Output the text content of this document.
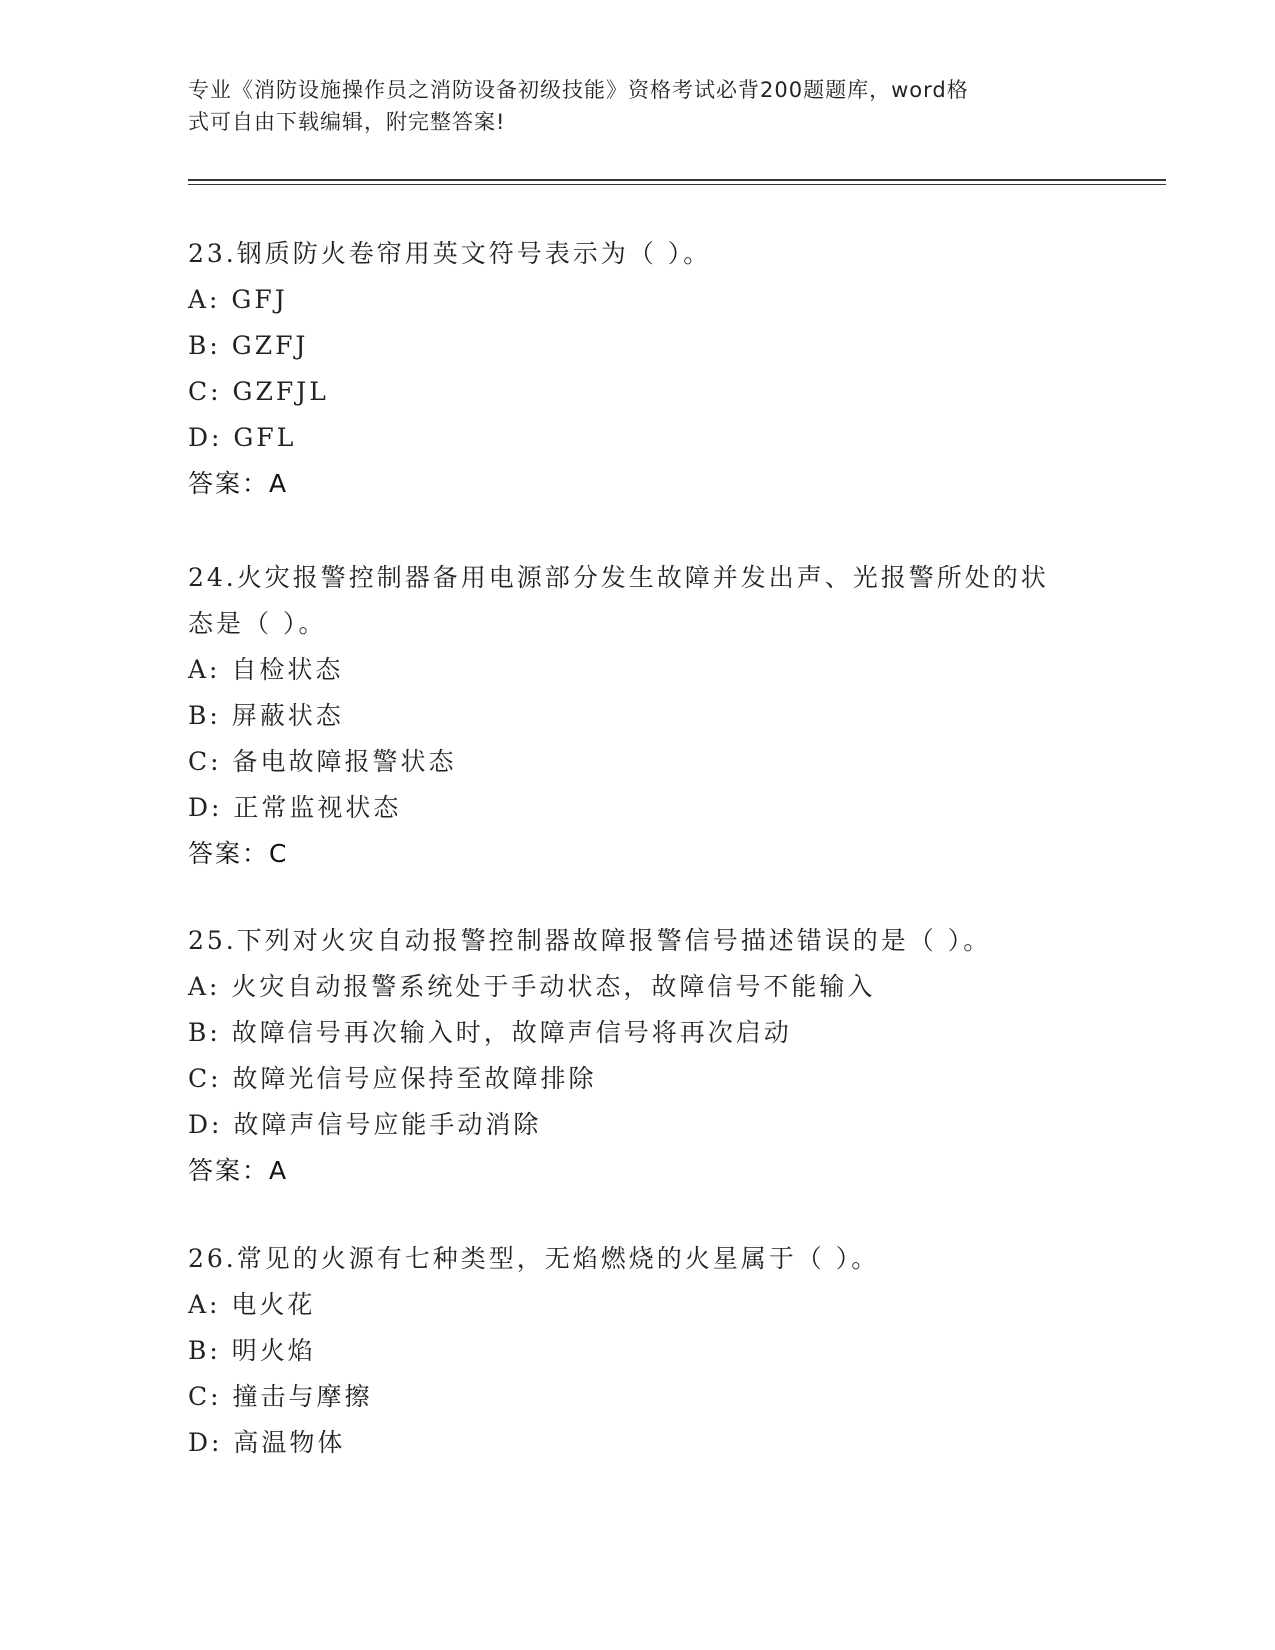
专业《消防设施操作员之消防设备初级技能》资格考试必背200题题库，word格
式可自由下载编辑，附完整答案!
23.钢质防火卷帘用英文符号表示为（ ）。
A: GFJ
B: GZFJ
C: GZFJL
D: GFL
答案：A
24.火灾报警控制器备用电源部分发生故障并发出声、光报警所处的状
态是（ ）。
A: 自检状态
B: 屏蔽状态
C: 备电故障报警状态
D: 正常监视状态
答案：C
25.下列对火灾自动报警控制器故障报警信号描述错误的是（ ）。
A: 火灾自动报警系统处于手动状态，故障信号不能输入
B: 故障信号再次输入时，故障声信号将再次启动
C: 故障光信号应保持至故障排除
D: 故障声信号应能手动消除
答案：A
26.常见的火源有七种类型，无焰燃烧的火星属于（ ）。
A: 电火花
B: 明火焰
C: 撞击与摩擦
D: 高温物体
